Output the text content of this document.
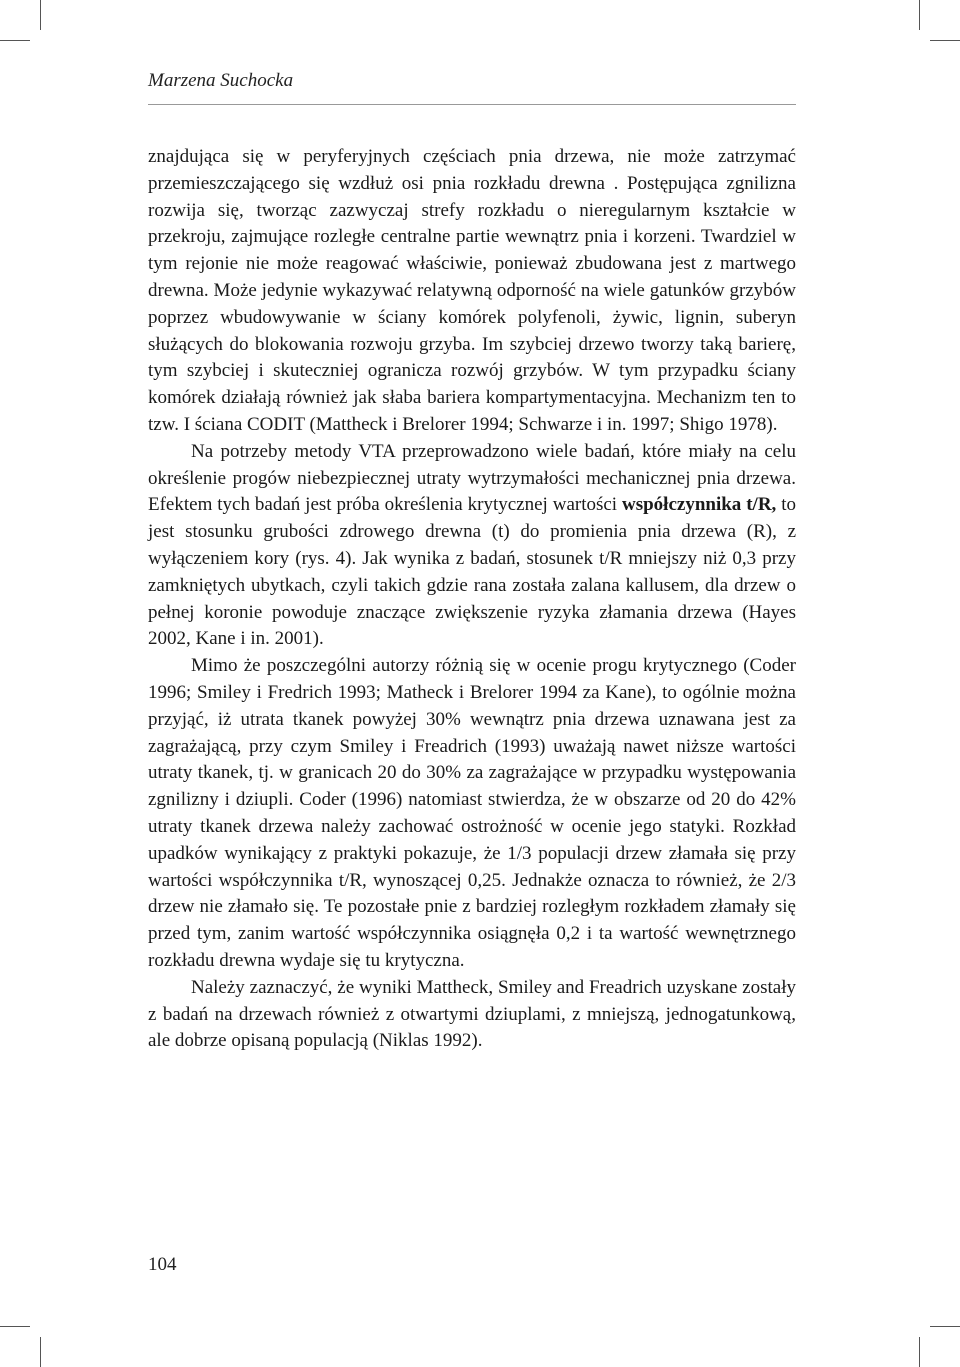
Marzena Suchocka

znajdująca się w peryferyjnych częściach pnia drzewa, nie może zatrzymać przemieszczającego się wzdłuż osi pnia rozkładu drewna . Postępująca zgnilizna rozwija się, tworząc zazwyczaj strefy rozkładu o nieregularnym kształcie w przekroju, zajmujące rozległe centralne partie wewnątrz pnia i korzeni. Twardziel w tym rejonie nie może reagować właściwie, ponieważ zbudowana jest z martwego drewna. Może jedynie wykazywać relatywną odporność na wiele gatunków grzybów poprzez wbudowywanie w ściany komórek polyfenoli, żywic, lignin, suberyn służących do blokowania rozwoju grzyba. Im szybciej drzewo tworzy taką barierę, tym szybciej i skuteczniej ogranicza rozwój grzybów. W tym przypadku ściany komórek działają również jak słaba bariera kompartymentacyjna. Mechanizm ten to tzw. I ściana CODIT (Mattheck i Brelorer 1994; Schwarze i in. 1997; Shigo 1978).

Na potrzeby metody VTA przeprowadzono wiele badań, które miały na celu określenie progów niebezpiecznej utraty wytrzymałości mechanicznej pnia drzewa. Efektem tych badań jest próba określenia krytycznej wartości współczynnika t/R, to jest stosunku grubości zdrowego drewna (t) do promienia pnia drzewa (R), z wyłączeniem kory (rys. 4). Jak wynika z badań, stosunek t/R mniejszy niż 0,3 przy zamkniętych ubytkach, czyli takich gdzie rana została zalana kallusem, dla drzew o pełnej koronie powoduje znaczące zwiększenie ryzyka złamania drzewa (Hayes 2002, Kane i in. 2001).

Mimo że poszczególni autorzy różnią się w ocenie progu krytycznego (Coder 1996; Smiley i Fredrich 1993; Matheck i Brelorer 1994 za Kane), to ogólnie można przyjąć, iż utrata tkanek powyżej 30% wewnątrz pnia drzewa uznawana jest za zagrażającą, przy czym Smiley i Freadrich (1993) uważają nawet niższe wartości utraty tkanek, tj. w granicach 20 do 30% za zagrażające w przypadku występowania zgnilizny i dziupli. Coder (1996) natomiast stwierdza, że w obszarze od 20 do 42% utraty tkanek drzewa należy zachować ostrożność w ocenie jego statyki. Rozkład upadków wynikający z praktyki pokazuje, że 1/3 populacji drzew złamała się przy wartości współczynnika t/R, wynoszącej 0,25. Jednakże oznacza to również, że 2/3 drzew nie złamało się. Te pozostałe pnie z bardziej rozległym rozkładem złamały się przed tym, zanim wartość współczynnika osiągnęła 0,2 i ta wartość wewnętrznego rozkładu drewna wydaje się tu krytyczna.

Należy zaznaczyć, że wyniki Mattheck, Smiley and Freadrich uzyskane zostały z badań na drzewach również z otwartymi dziuplami, z mniejszą, jednogatunkową, ale dobrze opisaną populacją (Niklas 1992).

104
